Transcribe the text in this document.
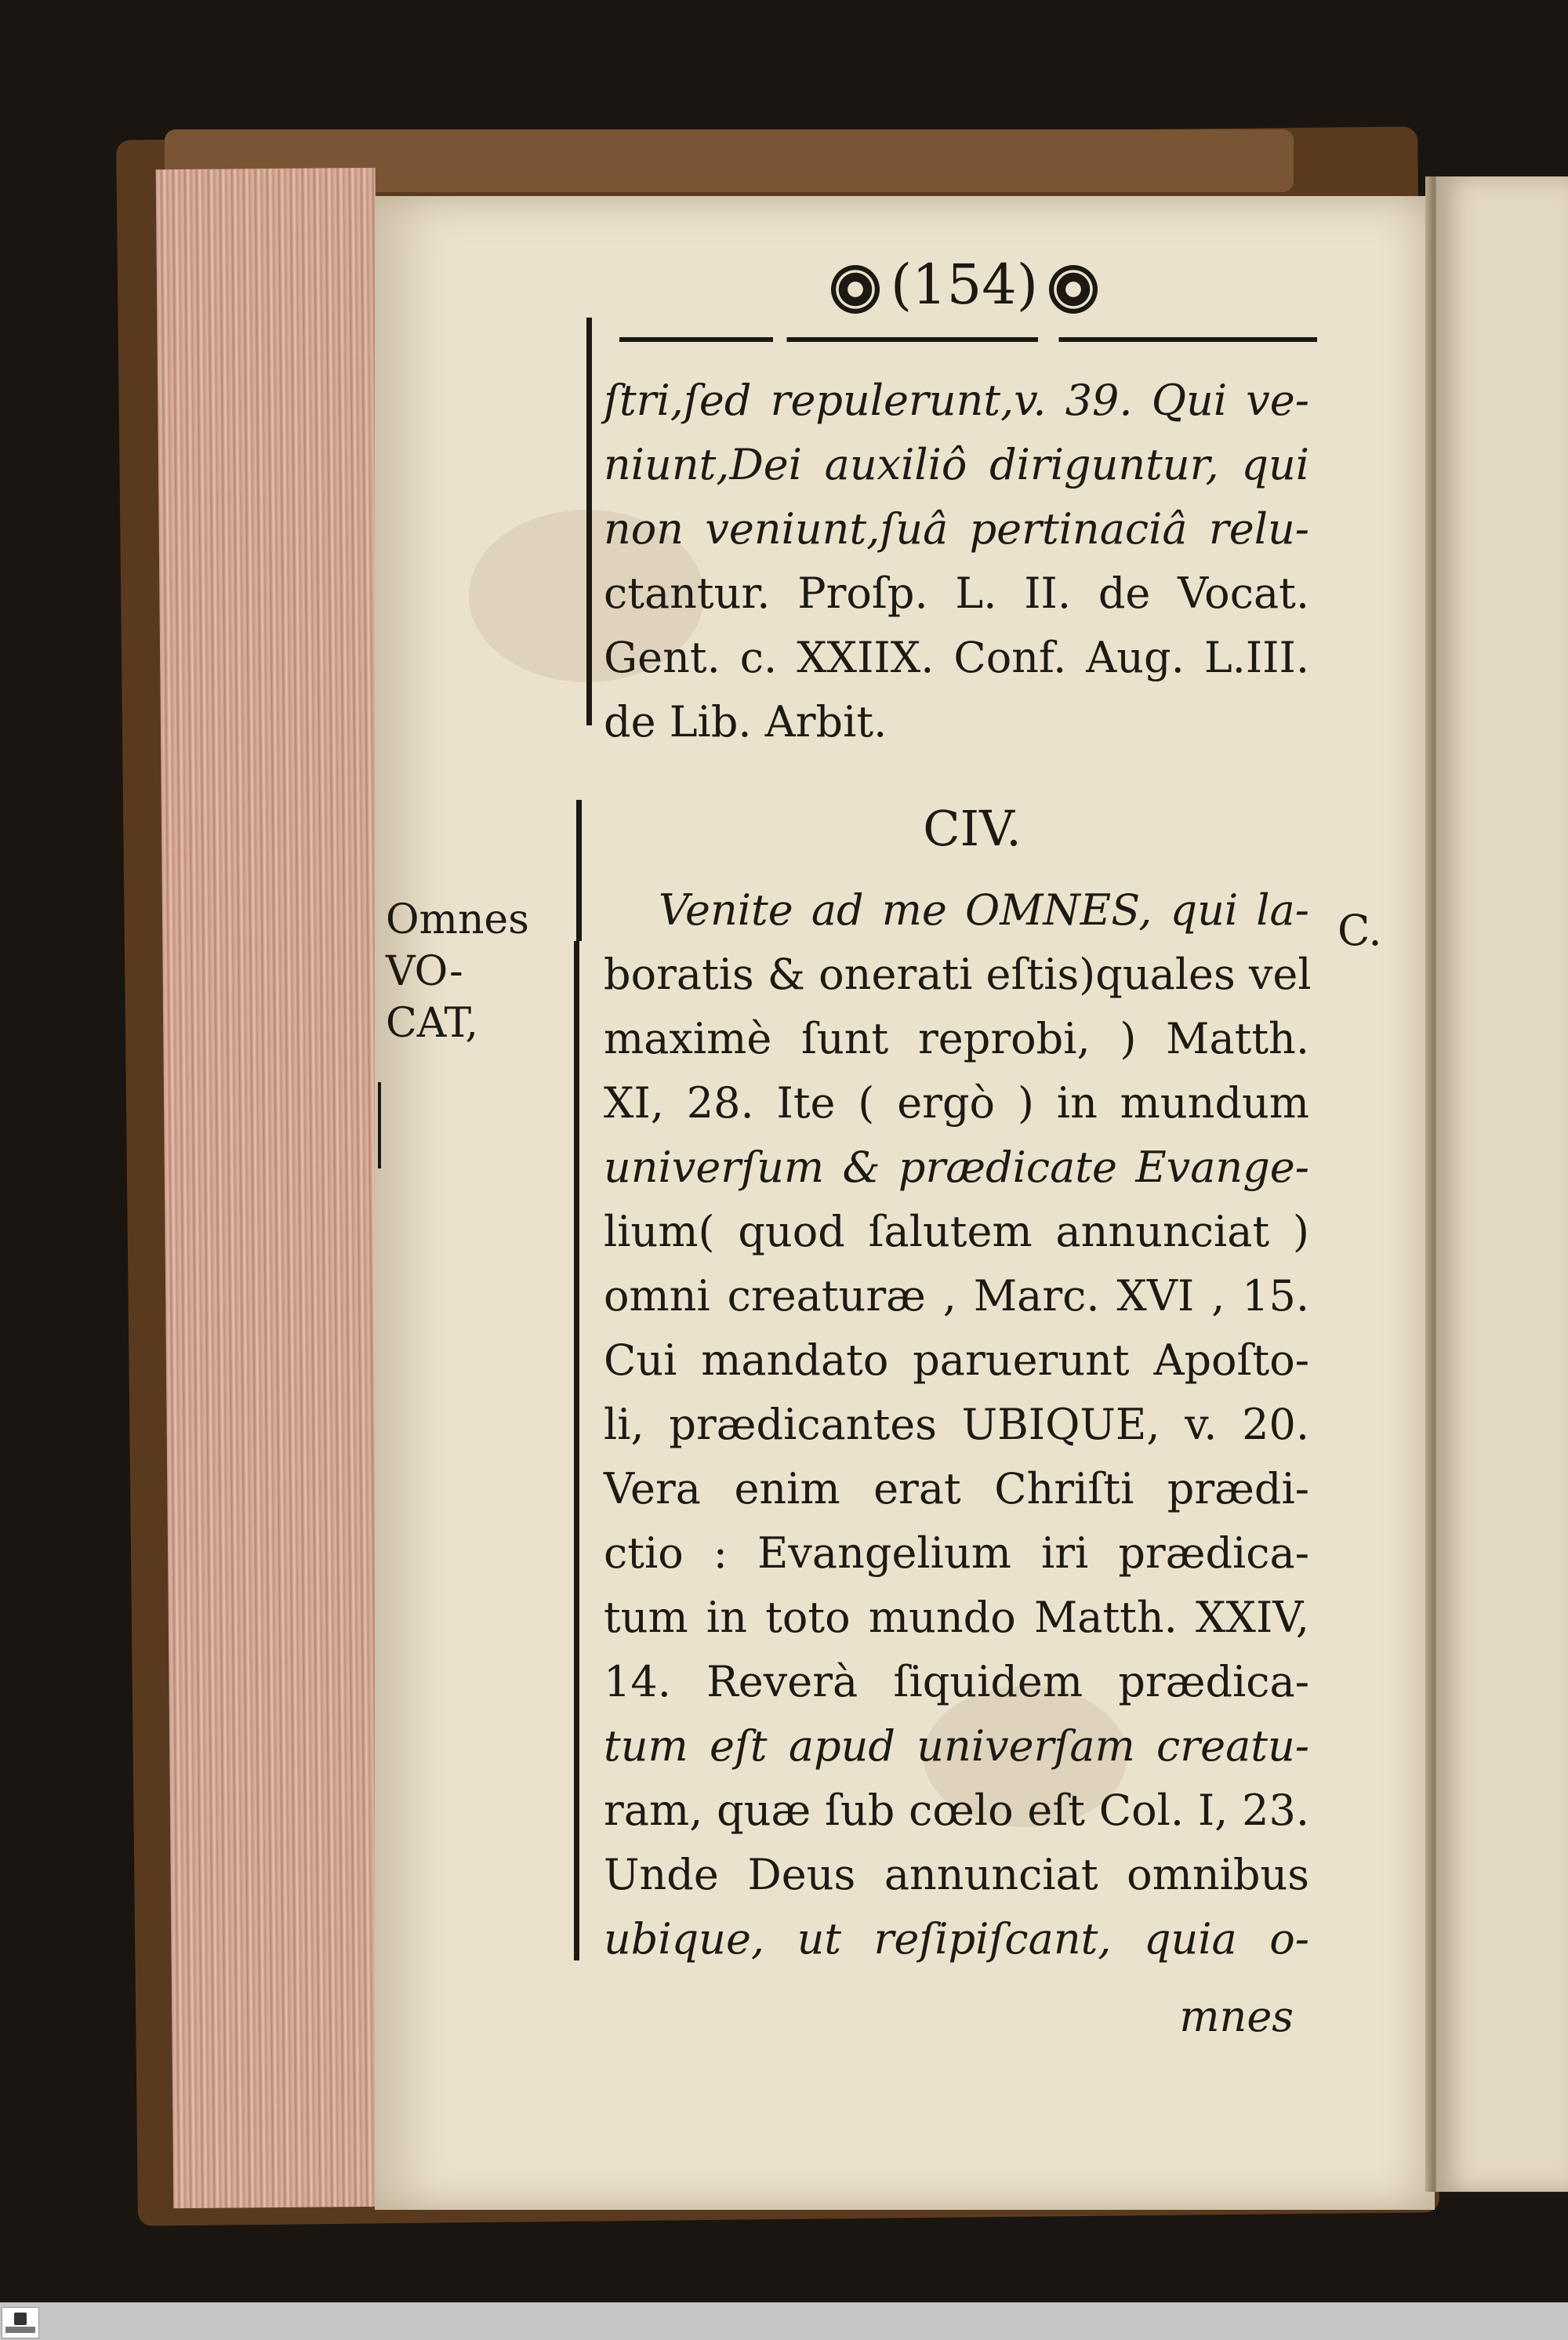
(154)
ſtri,ſed repulerunt,v. 39. Qui ve-
niunt,Dei auxiliô diriguntur, qui
non veniunt,ſuâ pertinaciâ relu-
ctantur. Proſp. L. II. de Vocat.
Gent. c. XXIIX. Conf. Aug. L.III.
de Lib. Arbit.
CIV.
Omnes
VO-
CAT,
C.
Venite ad me OMNES, qui la-
boratis & onerati eſtis)quales vel
maximè ſunt reprobi, ) Matth.
XI, 28. Ite ( ergò ) in mundum
univerſum & prædicate Evange-
lium( quod ſalutem annunciat )
omni creaturæ , Marc. XVI , 15.
Cui mandato paruerunt Apoſto-
li, prædicantes UBIQUE, v. 20.
Vera enim erat Chriſti prædi-
ctio : Evangelium iri prædica-
tum in toto mundo Matth. XXIV,
14. Reverà ſiquidem prædica-
tum eſt apud univerſam creatu-
ram, quæ ſub cœlo eſt Col. I, 23.
Unde Deus annunciat omnibus
ubique, ut reſipiſcant, quia o-
mnes
